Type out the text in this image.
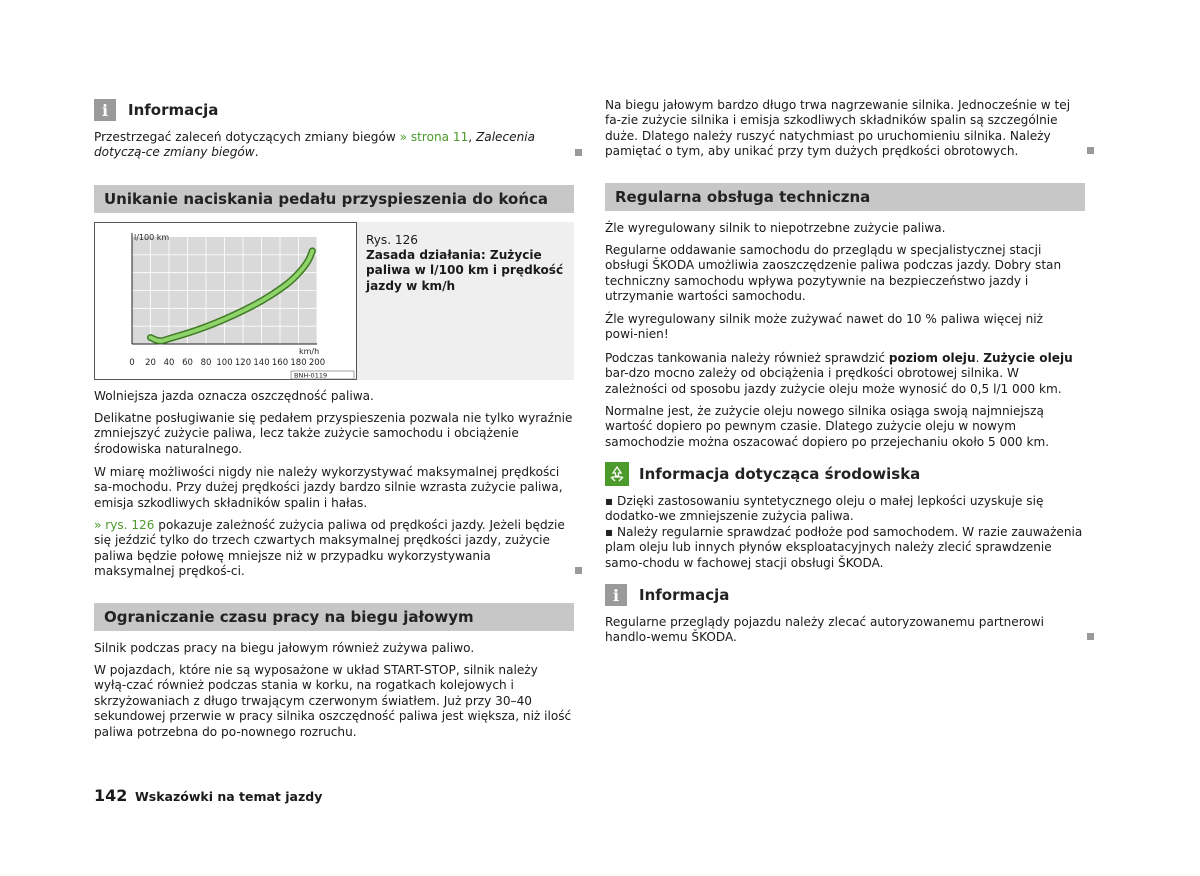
i	Informacja

Przestrzegać zaleceń dotyczących zmiany biegów » strona 11, Zalecenia dotyczą-ce zmiany biegów.

Unikanie naciskania pedału przyspieszenia do końca
l/100 km
km/h
0 20 40 60 80 100 120 140 160 180 200
BNH-0119
Rys. 126
Zasada działania: Zużycie paliwa w l/100 km i prędkość jazdy w km/h

Wolniejsza jazda oznacza oszczędność paliwa.

Delikatne posługiwanie się pedałem przyspieszenia pozwala nie tylko wyraźnie zmniejszyć zużycie paliwa, lecz także zużycie samochodu i obciążenie środowiska naturalnego.

W miarę możliwości nigdy nie należy wykorzystywać maksymalnej prędkości sa-mochodu. Przy dużej prędkości jazdy bardzo silnie wzrasta zużycie paliwa, emisja szkodliwych składników spalin i hałas.

» rys. 126 pokazuje zależność zużycia paliwa od prędkości jazdy. Jeżeli będzie się jeździć tylko do trzech czwartych maksymalnej prędkości jazdy, zużycie paliwa będzie połowę mniejsze niż w przypadku wykorzystywania maksymalnej prędkoś-ci.

Ograniczanie czasu pracy na biegu jałowym

Silnik podczas pracy na biegu jałowym również zużywa paliwo.

W pojazdach, które nie są wyposażone w układ START-STOP, silnik należy wyłą-czać również podczas stania w korku, na rogatkach kolejowych i skrzyżowaniach z długo trwającym czerwonym światłem. Już przy 30–40 sekundowej przerwie w pracy silnika oszczędność paliwa jest większa, niż ilość paliwa potrzebna do po-nownego rozruchu.

Na biegu jałowym bardzo długo trwa nagrzewanie silnika. Jednocześnie w tej fa-zie zużycie silnika i emisja szkodliwych składników spalin są szczególnie duże. Dlatego należy ruszyć natychmiast po uruchomieniu silnika. Należy pamiętać o tym, aby unikać przy tym dużych prędkości obrotowych.

Regularna obsługa techniczna

Źle wyregulowany silnik to niepotrzebne zużycie paliwa.

Regularne oddawanie samochodu do przeglądu w specjalistycznej stacji obsługi ŠKODA umożliwia zaoszczędzenie paliwa podczas jazdy. Dobry stan techniczny samochodu wpływa pozytywnie na bezpieczeństwo jazdy i utrzymanie wartości samochodu.

Źle wyregulowany silnik może zużywać nawet do 10 % paliwa więcej niż powi-nien!

Podczas tankowania należy również sprawdzić poziom oleju. Zużycie oleju bar-dzo mocno zależy od obciążenia i prędkości obrotowej silnika. W zależności od sposobu jazdy zużycie oleju może wynosić do 0,5 l/1 000 km.

Normalne jest, że zużycie oleju nowego silnika osiąga swoją najmniejszą wartość dopiero po pewnym czasie. Dlatego zużycie oleju w nowym samochodzie można oszacować dopiero po przejechaniu około 5 000 km.

Informacja dotycząca środowiska
▪ Dzięki zastosowaniu syntetycznego oleju o małej lepkości uzyskuje się dodatko-we zmniejszenie zużycia paliwa.
▪ Należy regularnie sprawdzać podłoże pod samochodem. W razie zauważenia plam oleju lub innych płynów eksploatacyjnych należy zlecić sprawdzenie samo-chodu w fachowej stacji obsługi ŠKODA.
i	Informacja

Regularne przeglądy pojazdu należy zlecać autoryzowanemu partnerowi handlo-wemu ŠKODA.

142 Wskazówki na temat jazdy
